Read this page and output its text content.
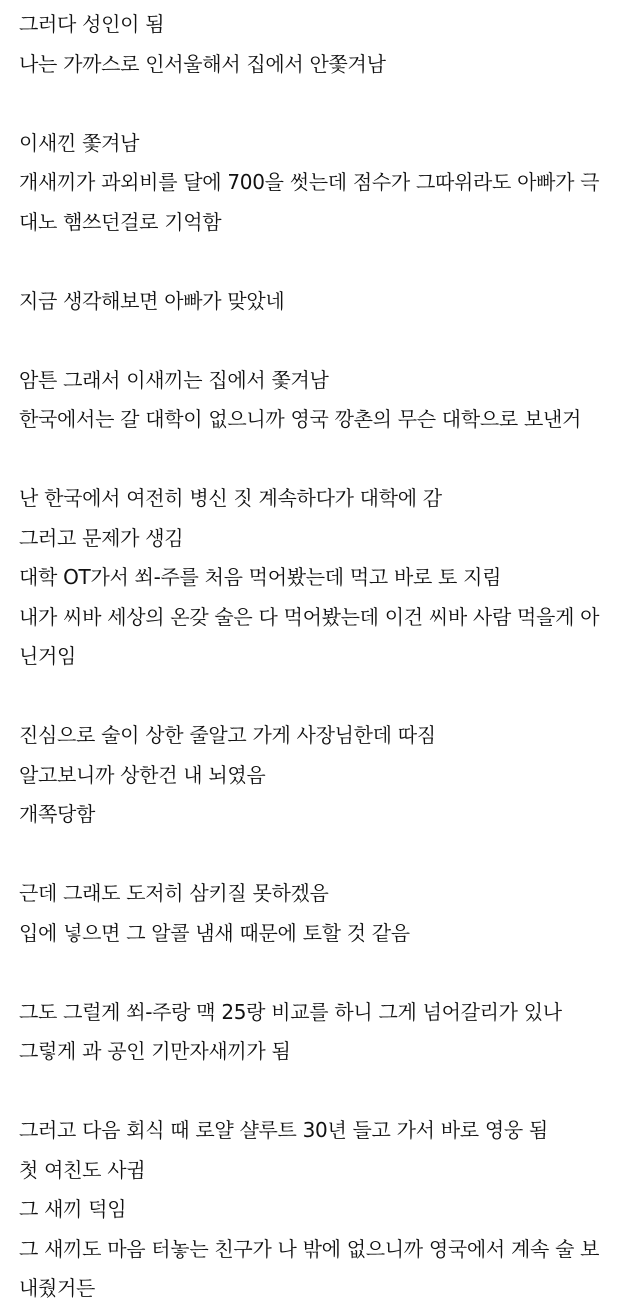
그러다 성인이 됨
나는 가까스로 인서울해서 집에서 안쫓겨남
이새낀 쫓겨남
개새끼가 과외비를 달에 700을 썻는데 점수가 그따위라도 아빠가 극
대노 햄쓰던걸로 기억함
지금 생각해보면 아빠가 맞았네
암튼 그래서 이새끼는 집에서 쫓겨남
한국에서는 갈 대학이 없으니까 영국 깡촌의 무슨 대학으로 보낸거
난 한국에서 여전히 병신 짓 계속하다가 대학에 감
그러고 문제가 생김
대학 OT가서 쐬-주를 처음 먹어봤는데 먹고 바로 토 지림
내가 씨바 세상의 온갖 술은 다 먹어봤는데 이건 씨바 사람 먹을게 아
닌거임
진심으로 술이 상한 줄알고 가게 사장님한데 따짐
알고보니까 상한건 내 뇌였음
개쪽당함
근데 그래도 도저히 삼키질 못하겠음
입에 넣으면 그 알콜 냄새 때문에 토할 것 같음
그도 그럴게 쐬-주랑 맥 25랑 비교를 하니 그게 넘어갈리가 있나
그렇게 과 공인 기만자새끼가 됨
그러고 다음 회식 때 로얄 샬루트 30년 들고 가서 바로 영웅 됨
첫 여친도 사귐
그 새끼 덕임
그 새끼도 마음 터놓는 친구가 나 밖에 없으니까 영국에서 계속 술 보
내줬거든
